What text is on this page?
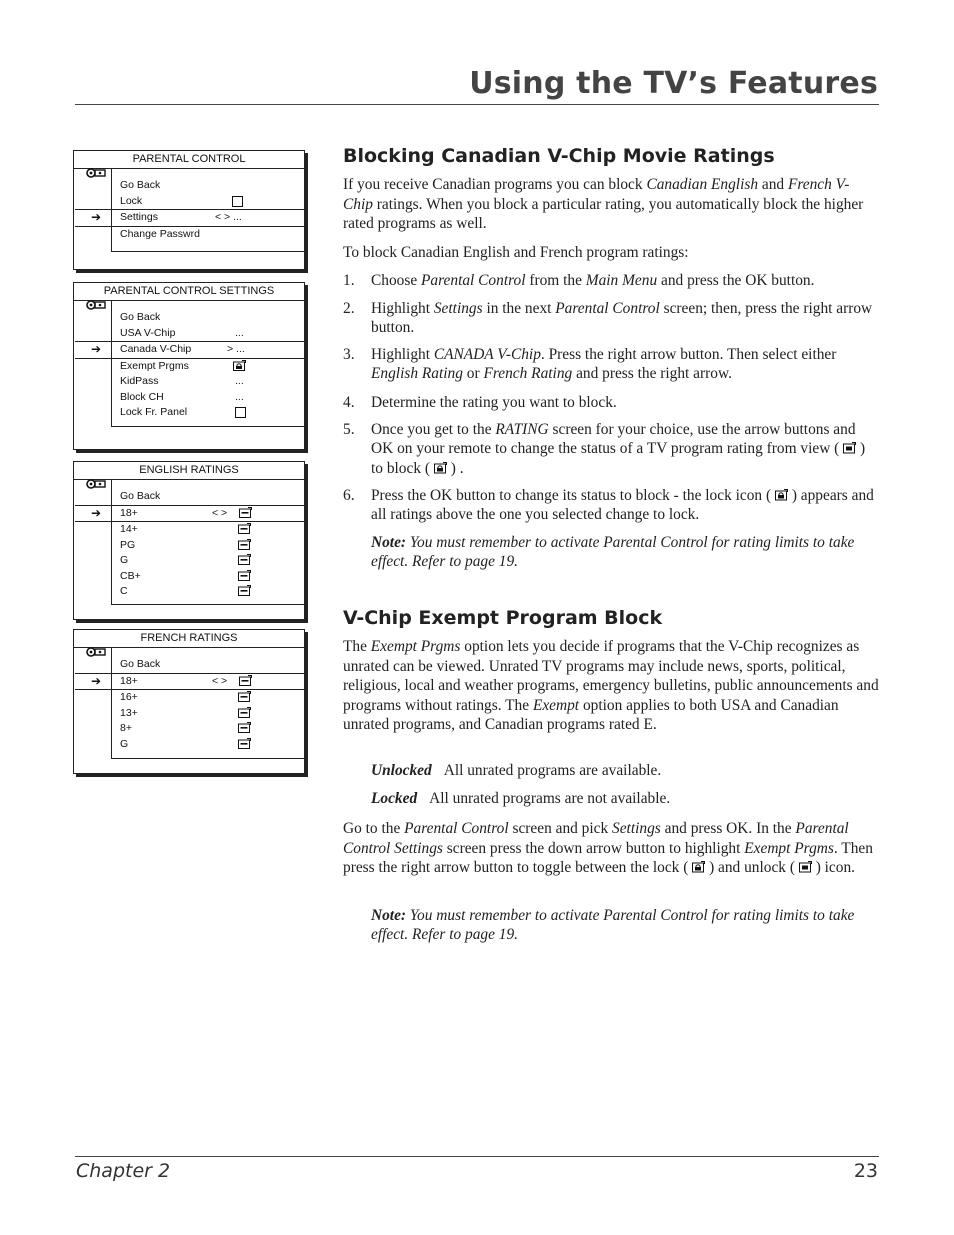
Using the TV’s Features
PARENTAL CONTROL
Go Back
Lock
➔ Settings	< > ...
Change Passwrd
PARENTAL CONTROL SETTINGS
Go Back
USA V-Chip	...
➔ Canada V-Chip	> ...
Exempt Prgms
KidPass	...
Block CH	...
Lock Fr. Panel
ENGLISH RATINGS
Go Back
➔ 18+	< >
14+
PG
G
CB+
C
FRENCH RATINGS
Go Back
➔ 18+	< >
16+
13+
8+
G
Blocking Canadian V-Chip Movie Ratings
If you receive Canadian programs you can block Canadian English and French V-Chip ratings. When you block a particular rating, you automatically block the higher rated programs as well.
To block Canadian English and French program ratings:
1. Choose Parental Control from the Main Menu and press the OK button.
2. Highlight Settings in the next Parental Control screen; then, press the right arrow button.
3. Highlight CANADA V-Chip. Press the right arrow button. Then select either English Rating or French Rating and press the right arrow.
4. Determine the rating you want to block.
5. Once you get to the RATING screen for your choice, use the arrow buttons and OK on your remote to change the status of a TV program rating from view ( ) to block ( ) .
6. Press the OK button to change its status to block - the lock icon ( ) appears and all ratings above the one you selected change to lock.
Note: You must remember to activate Parental Control for rating limits to take effect. Refer to page 19.
V-Chip Exempt Program Block
The Exempt Prgms option lets you decide if programs that the V-Chip recognizes as unrated can be viewed. Unrated TV programs may include news, sports, political, religious, local and weather programs, emergency bulletins, public announcements and programs without ratings. The Exempt option applies to both USA and Canadian unrated programs, and Canadian programs rated E.
Unlocked All unrated programs are available.
Locked All unrated programs are not available.
Go to the Parental Control screen and pick Settings and press OK. In the Parental Control Settings screen press the down arrow button to highlight Exempt Prgms. Then press the right arrow button to toggle between the lock ( ) and unlock ( ) icon.
Note: You must remember to activate Parental Control for rating limits to take effect. Refer to page 19.
Chapter 2	23
